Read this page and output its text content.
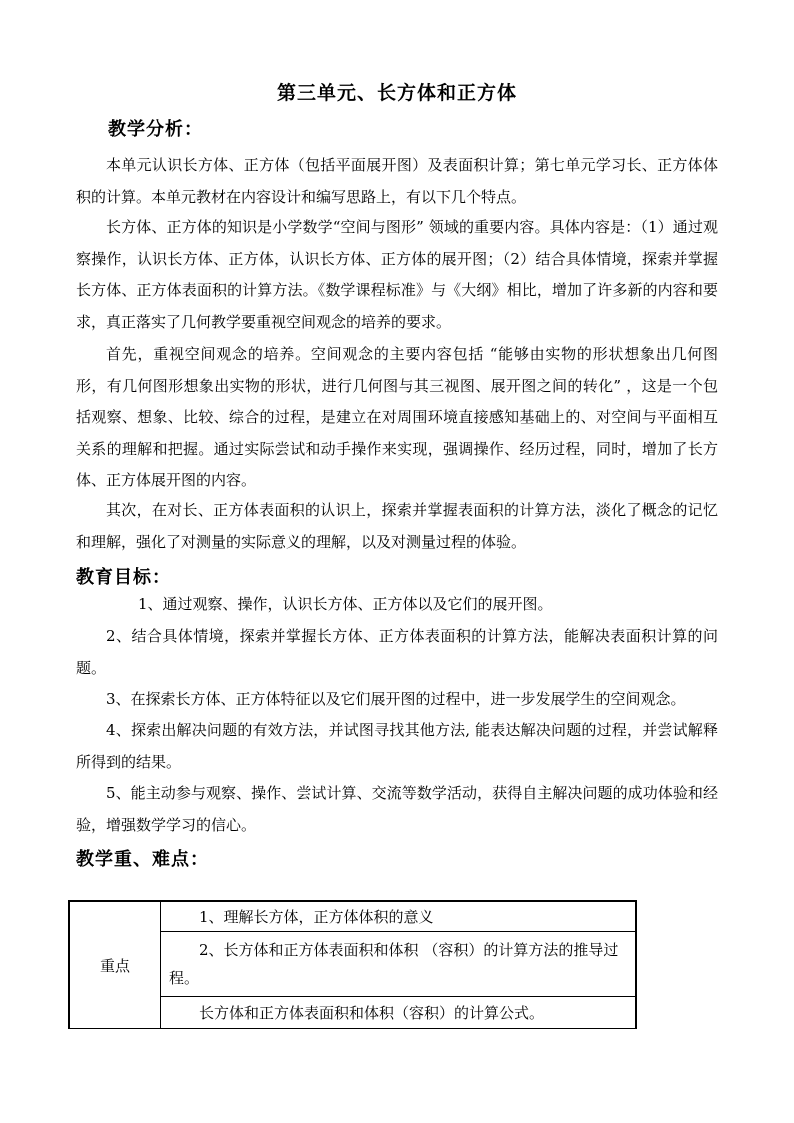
第三单元、长方体和正方体
教学分析：

本单元认识长方体、正方体（包括平面展开图）及表面积计算；第七单元学习长、正方体体积的计算。本单元教材在内容设计和编写思路上，有以下几个特点。

长方体、正方体的知识是小学数学“空间与图形” 领域的重要内容。具体内容是：（1）通过观察操作，认识长方体、正方体，认识长方体、正方体的展开图；（2）结合具体情境，探索并掌握长方体、正方体表面积的计算方法。《数学课程标准》与《大纲》相比，增加了许多新的内容和要求，真正落实了几何教学要重视空间观念的培养的要求。

首先，重视空间观念的培养。空间观念的主要内容包括 “能够由实物的形状想象出几何图形，有几何图形想象出实物的形状，进行几何图与其三视图、展开图之间的转化” ，这是一个包括观察、想象、比较、综合的过程，是建立在对周围环境直接感知基础上的、对空间与平面相互关系的理解和把握。通过实际尝试和动手操作来实现，强调操作、经历过程，同时，增加了长方体、正方体展开图的内容。

其次，在对长、正方体表面积的认识上，探索并掌握表面积的计算方法，淡化了概念的记忆和理解，强化了对测量的实际意义的理解，以及对测量过程的体验。

教育目标：

1、通过观察、操作，认识长方体、正方体以及它们的展开图。

2、结合具体情境，探索并掌握长方体、正方体表面积的计算方法，能解决表面积计算的问题。

3、在探索长方体、正方体特征以及它们展开图的过程中，进一步发展学生的空间观念。

4、探索出解决问题的有效方法，并试图寻找其他方法, 能表达解决问题的过程，并尝试解释所得到的结果。

5、能主动参与观察、操作、尝试计算、交流等数学活动，获得自主解决问题的成功体验和经验，增强数学学习的信心。

教学重、难点：
重点	1、理解长方体，正方体体积的意义
2、长方体和正方体表面积和体积 （容积）的计算方法的推导过程。
长方体和正方体表面积和体积（容积）的计算公式。
